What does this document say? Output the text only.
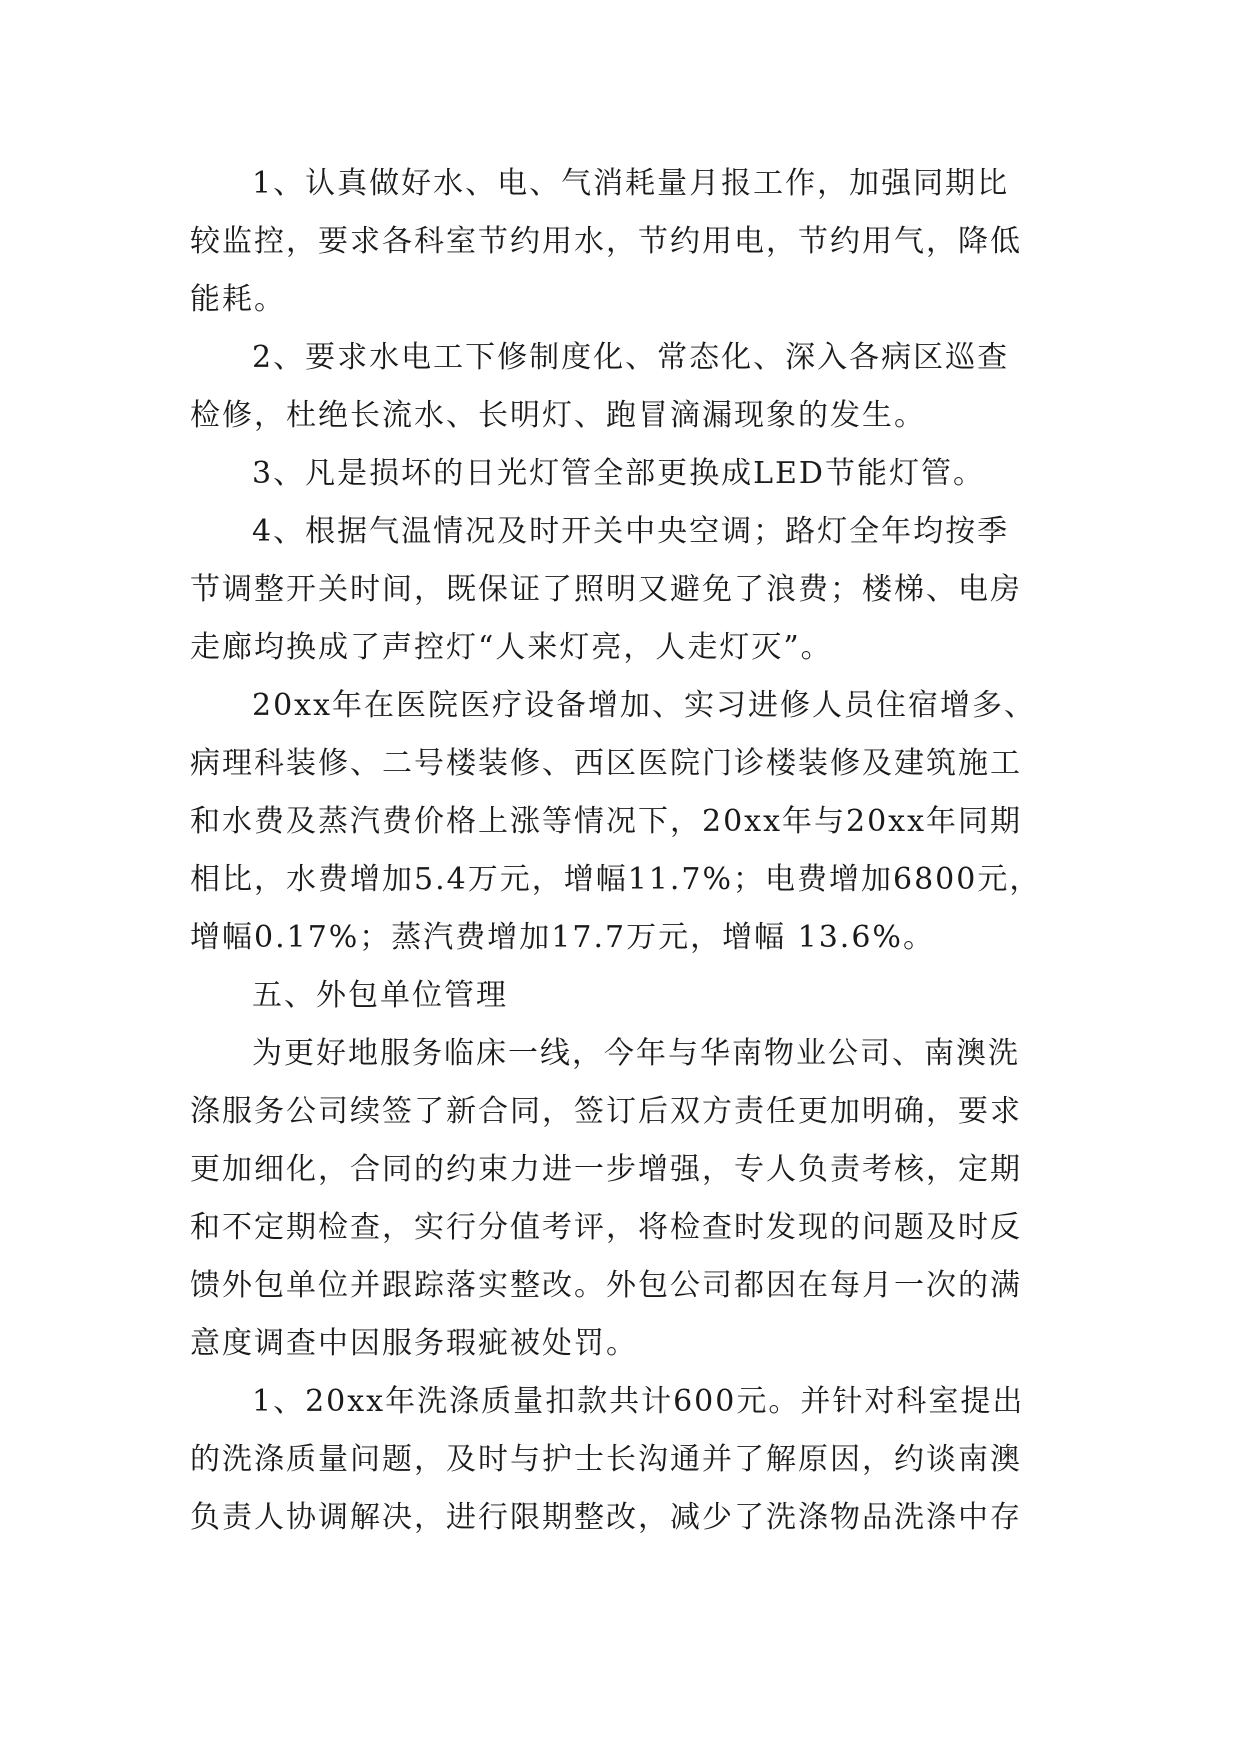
1、认真做好水、电、气消耗量月报工作，加强同期比
较监控，要求各科室节约用水，节约用电，节约用气，降低
能耗。
2、要求水电工下修制度化、常态化、深入各病区巡查
检修，杜绝长流水、长明灯、跑冒滴漏现象的发生。
3、凡是损坏的日光灯管全部更换成LED节能灯管。
4、根据气温情况及时开关中央空调；路灯全年均按季
节调整开关时间，既保证了照明又避免了浪费；楼梯、电房
走廊均换成了声控灯“人来灯亮，人走灯灭”。
20xx年在医院医疗设备增加、实习进修人员住宿增多、
病理科装修、二号楼装修、西区医院门诊楼装修及建筑施工
和水费及蒸汽费价格上涨等情况下，20xx年与20xx年同期
相比，水费增加5.4万元，增幅11.7%；电费增加6800元，
增幅0.17%；蒸汽费增加17.7万元，增幅 13.6%。
五、外包单位管理
为更好地服务临床一线，今年与华南物业公司、南澳洗
涤服务公司续签了新合同，签订后双方责任更加明确，要求
更加细化，合同的约束力进一步增强，专人负责考核，定期
和不定期检查，实行分值考评，将检查时发现的问题及时反
馈外包单位并跟踪落实整改。外包公司都因在每月一次的满
意度调查中因服务瑕疵被处罚。
1、20xx年洗涤质量扣款共计600元。并针对科室提出
的洗涤质量问题，及时与护士长沟通并了解原因，约谈南澳
负责人协调解决，进行限期整改，减少了洗涤物品洗涤中存
